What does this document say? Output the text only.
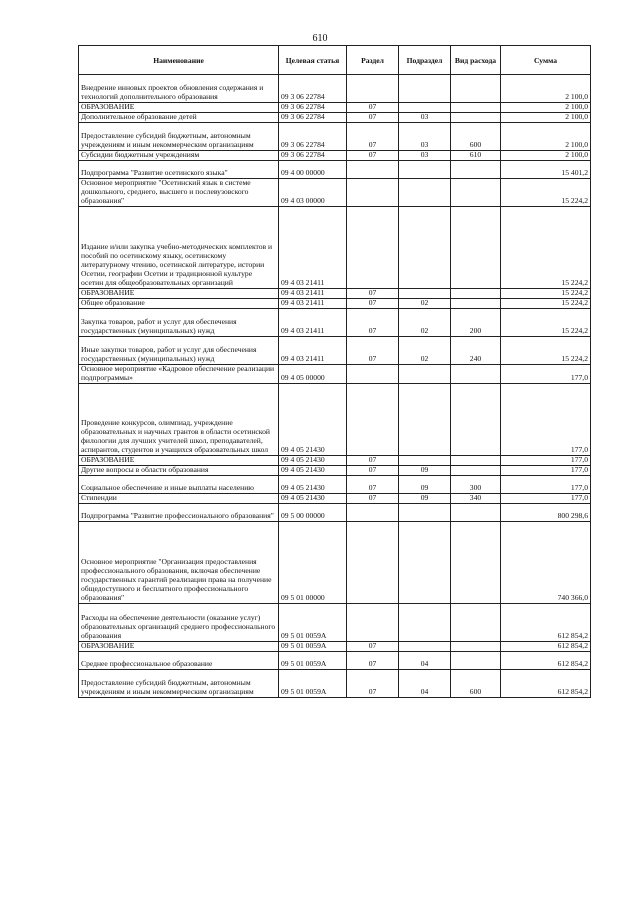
610
Наименование	Целевая статья	Раздел	Подраздел	Вид расхода	Сумма
Внедрение инновых проектов обновления содержания и технологий дополнительного образования	09 3 06 22784				2 100,0
ОБРАЗОВАНИЕ	09 3 06 22784	07			2 100,0
Дополнительное образование детей	09 3 06 22784	07	03		2 100,0
Предоставление субсидий бюджетным, автономным учреждениям и иным некоммерческим организациям	09 3 06 22784	07	03	600	2 100,0
Субсидии бюджетным учреждениям	09 3 06 22784	07	03	610	2 100,0
Подпрограмма "Развитие осетинского языка"	09 4 00 00000				15 401,2
Основное мероприятие "Осетинский язык в системе дошкольного, среднего, высшего и послевузовского образования"	09 4 03 00000				15 224,2
Издание и/или закупка учебно-методических комплектов и пособий по осетинскому языку, осетинскому литературному чтению, осетинской литературе, истории Осетии, географии Осетии и традиционной культуре осетин для общеобразовательных организаций	09 4 03 21411				15 224,2
ОБРАЗОВАНИЕ	09 4 03 21411	07			15 224,2
Общее образование	09 4 03 21411	07	02		15 224,2
Закупка товаров, работ и услуг для обеспечения государственных (муниципальных) нужд	09 4 03 21411	07	02	200	15 224,2
Иные закупки товаров, работ и услуг для обеспечения государственных (муниципальных) нужд	09 4 03 21411	07	02	240	15 224,2
Основное мероприятие «Кадровое обеспечение реализации подпрограммы»	09 4 05 00000				177,0
Проведение конкурсов, олимпиад, учреждение образовательных и научных грантов в области осетинской филологии для лучших учителей школ, преподавателей, аспирантов, студентов и учащихся образовательных школ	09 4 05 21430				177,0
ОБРАЗОВАНИЕ	09 4 05 21430	07			177,0
Другие вопросы в области образования	09 4 05 21430	07	09		177,0
Социальное обеспечение и иные выплаты населению	09 4 05 21430	07	09	300	177,0
Стипендии	09 4 05 21430	07	09	340	177,0
Подпрограмма "Развитие профессионального образования"	09 5 00 00000				800 298,6
Основное мероприятие "Организация предоставления профессионального образования, включая обеспечение государственных гарантий реализации права на получение общедоступного и бесплатного профессионального образования"	09 5 01 00000				740 366,0
Расходы на обеспечение деятельности (оказание услуг) образовательных организаций среднего профессионального образования	09 5 01 0059А				612 854,2
ОБРАЗОВАНИЕ	09 5 01 0059А	07			612 854,2
Среднее профессиональное образование	09 5 01 0059А	07	04		612 854,2
Предоставление субсидий бюджетным, автономным учреждениям и иным некоммерческим организациям	09 5 01 0059А	07	04	600	612 854,2
